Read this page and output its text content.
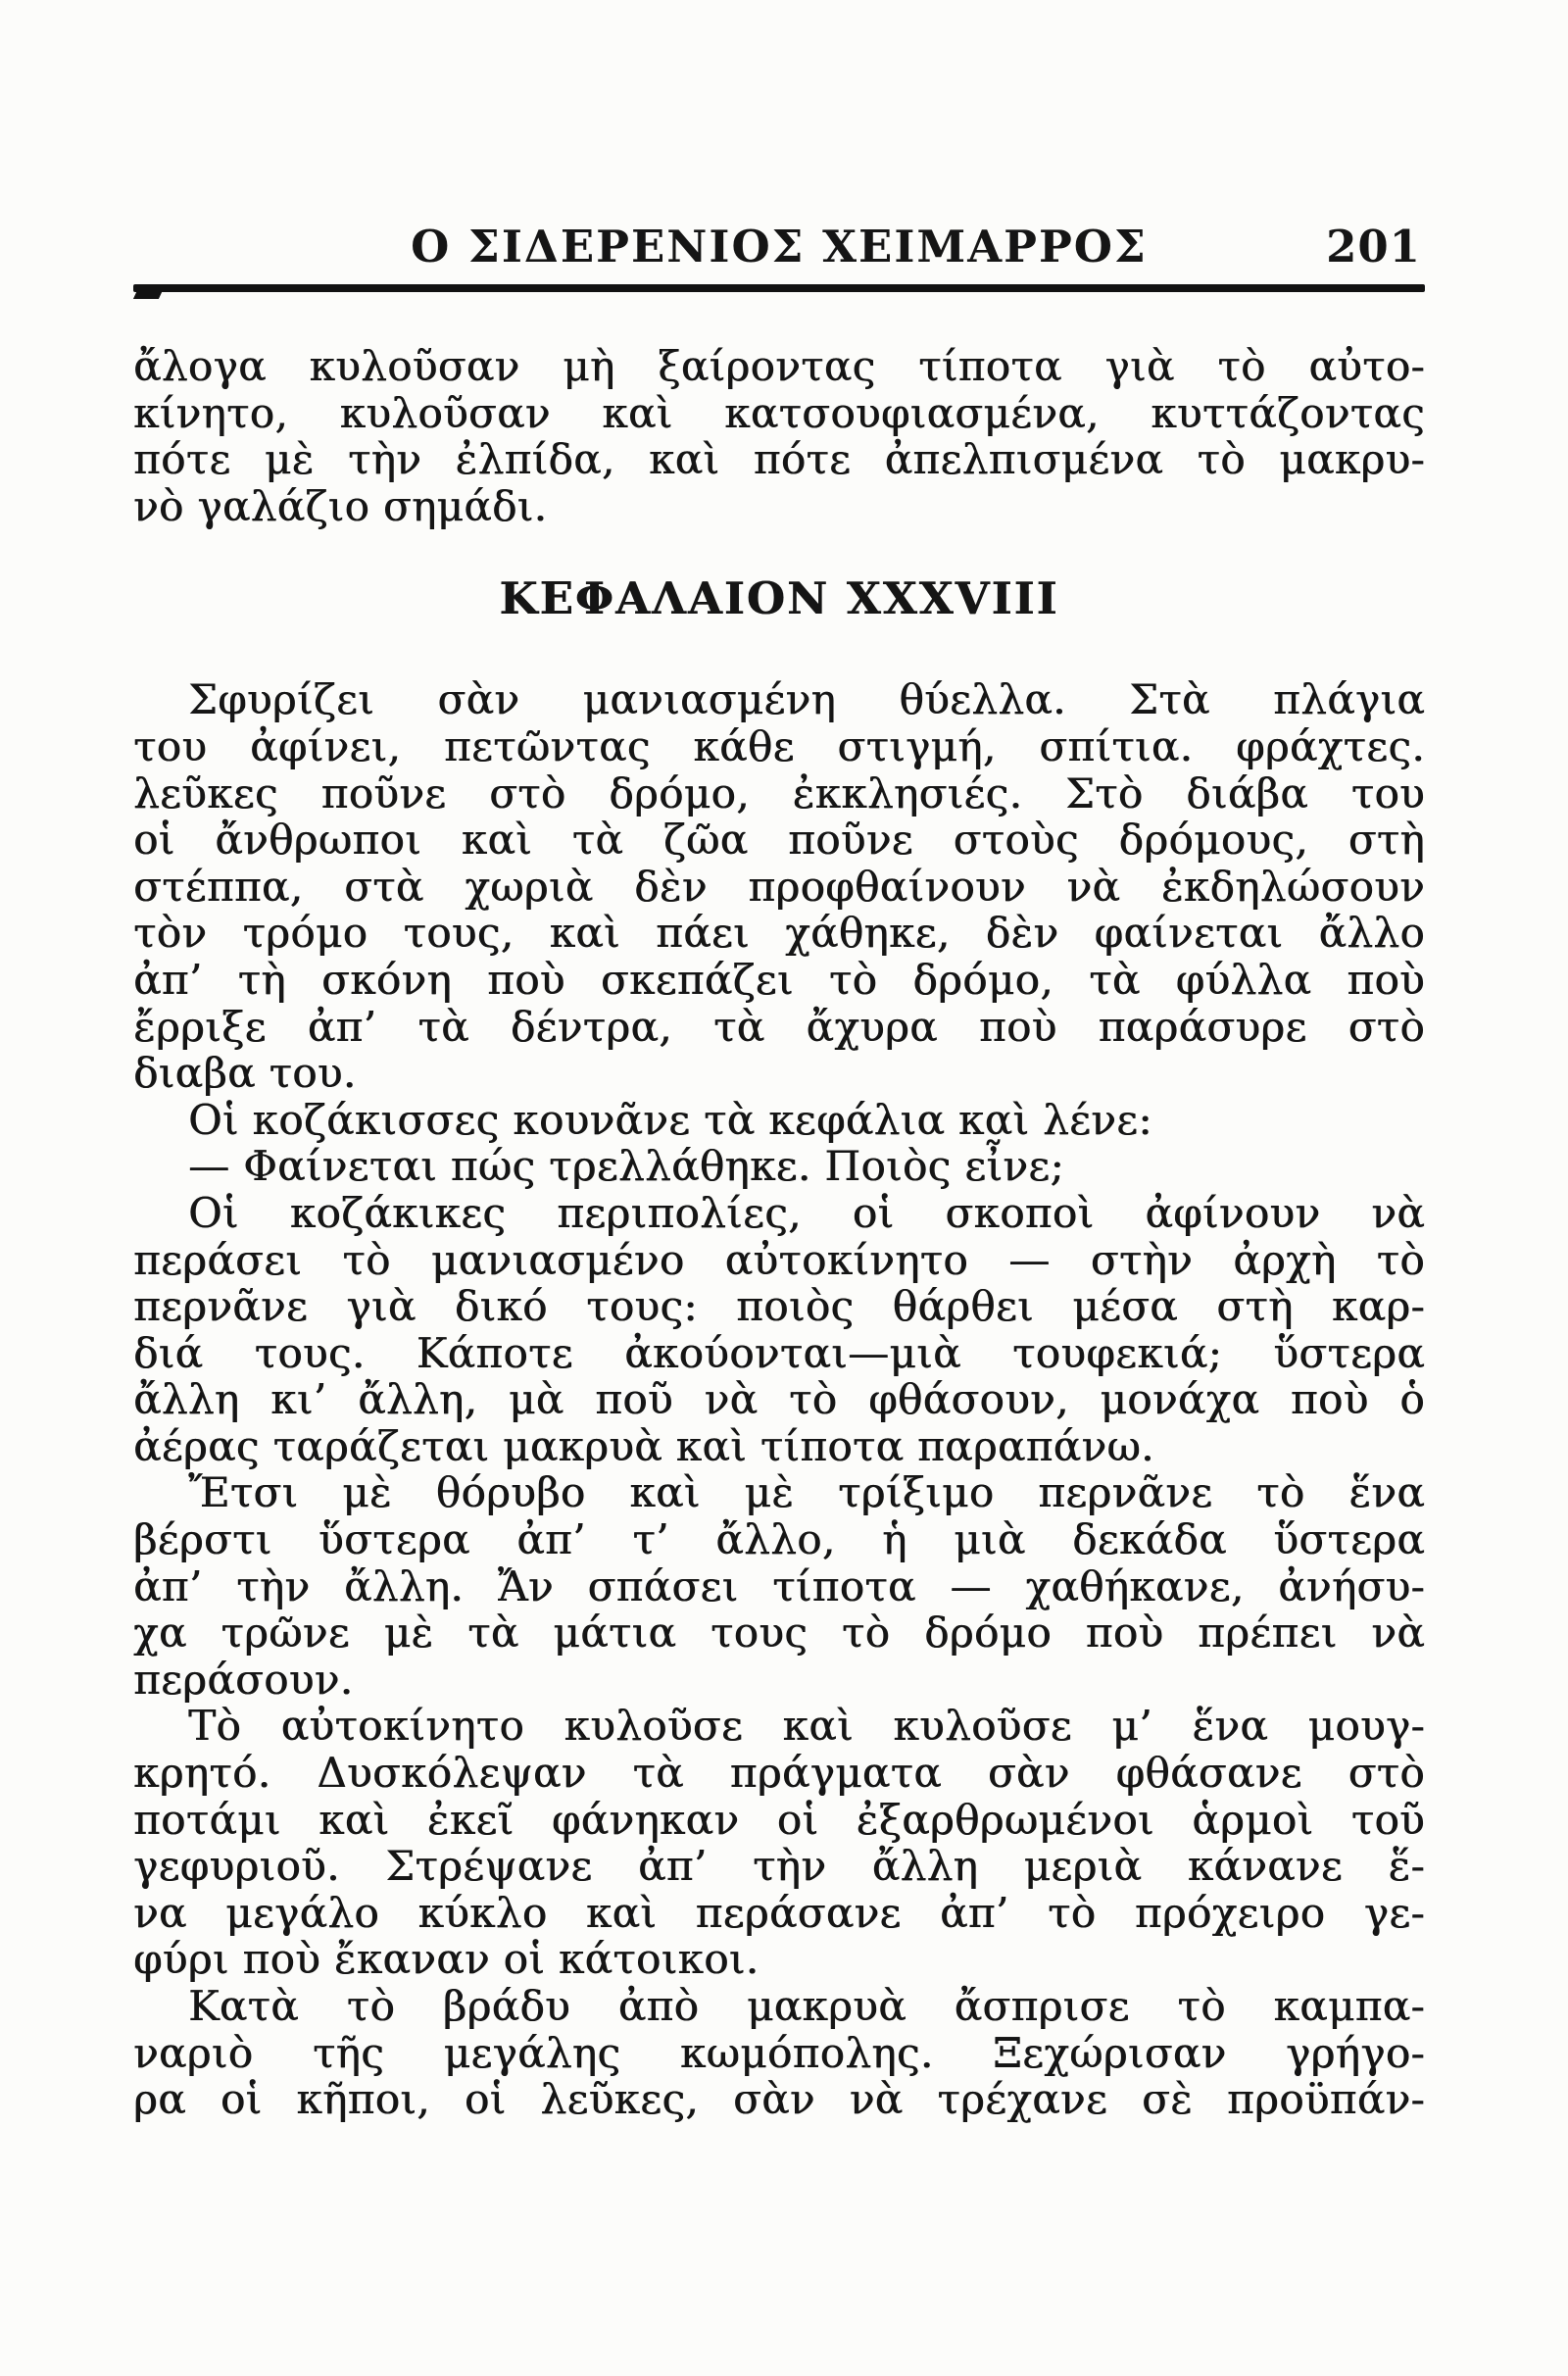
Ο ΣΙΔΕΡΕΝΙΟΣ ΧΕΙΜΑΡΡΟΣ	201
ἄλογα κυλοῦσαν μὴ ξαίροντας τίποτα γιὰ τὸ αὐτο-
κίνητο, κυλοῦσαν καὶ κατσουφιασμένα, κυττάζοντας
πότε μὲ τὴν ἐλπίδα, καὶ πότε ἀπελπισμένα τὸ μακρυ-
νὸ γαλάζιο σημάδι.
ΚΕΦΑΛΑΙΟΝ XXXVIII
Σφυρίζει σὰν μανιασμένη θύελλα. Στὰ πλάγια
του ἀφίνει, πετῶντας κάθε στιγμή, σπίτια. φράχτες.
λεῦκες ποῦνε στὸ δρόμο, ἐκκλησιές. Στὸ διάβα του
οἱ ἄνθρωποι καὶ τὰ ζῶα ποῦνε στοὺς δρόμους, στὴ
στέππα, στὰ χωριὰ δὲν προφθαίνουν νὰ ἐκδηλώσουν
τὸν τρόμο τους, καὶ πάει χάθηκε, δὲν φαίνεται ἄλλο
ἀπ’ τὴ σκόνη ποὺ σκεπάζει τὸ δρόμο, τὰ φύλλα ποὺ
ἔρριξε ἀπ’ τὰ δέντρα, τὰ ἄχυρα ποὺ παράσυρε στὸ
διαβα του.
Οἱ κοζάκισσες κουνᾶνε τὰ κεφάλια καὶ λένε:
— Φαίνεται πώς τρελλάθηκε. Ποιὸς εἶνε;
Οἱ κοζάκικες περιπολίες, οἱ σκοποὶ ἀφίνουν νὰ
περάσει τὸ μανιασμένο αὐτοκίνητο — στὴν ἀρχὴ τὸ
περνᾶνε γιὰ δικό τους: ποιὸς θάρθει μέσα στὴ καρ-
διά τους. Κάποτε ἀκούονται—μιὰ τουφεκιά; ὕστερα
ἄλλη κι’ ἄλλη, μὰ ποῦ νὰ τὸ φθάσουν, μονάχα ποὺ ὁ
ἀέρας ταράζεται μακρυὰ καὶ τίποτα παραπάνω.
Ἔτσι μὲ θόρυβο καὶ μὲ τρίξιμο περνᾶνε τὸ ἕνα
βέρστι ὕστερα ἀπ’ τ’ ἄλλο, ἡ μιὰ δεκάδα ὕστερα
ἀπ’ τὴν ἄλλη. Ἄν σπάσει τίποτα — χαθήκανε, ἀνήσυ-
χα τρῶνε μὲ τὰ μάτια τους τὸ δρόμο ποὺ πρέπει νὰ
περάσουν.
Τὸ αὐτοκίνητο κυλοῦσε καὶ κυλοῦσε μ’ ἕνα μουγ-
κρητό. Δυσκόλεψαν τὰ πράγματα σὰν φθάσανε στὸ
ποτάμι καὶ ἐκεῖ φάνηκαν οἱ ἐξαρθρωμένοι ἁρμοὶ τοῦ
γεφυριοῦ. Στρέψανε ἀπ’ τὴν ἄλλη μεριὰ κάνανε ἕ-
να μεγάλο κύκλο καὶ περάσανε ἀπ’ τὸ πρόχειρο γε-
φύρι ποὺ ἔκαναν οἱ κάτοικοι.
Κατὰ τὸ βράδυ ἀπὸ μακρυὰ ἄσπρισε τὸ καμπα-
ναριὸ τῆς μεγάλης κωμόπολης. Ξεχώρισαν γρήγο-
ρα οἱ κῆποι, οἱ λεῦκες, σὰν νὰ τρέχανε σὲ προϋπάν-
